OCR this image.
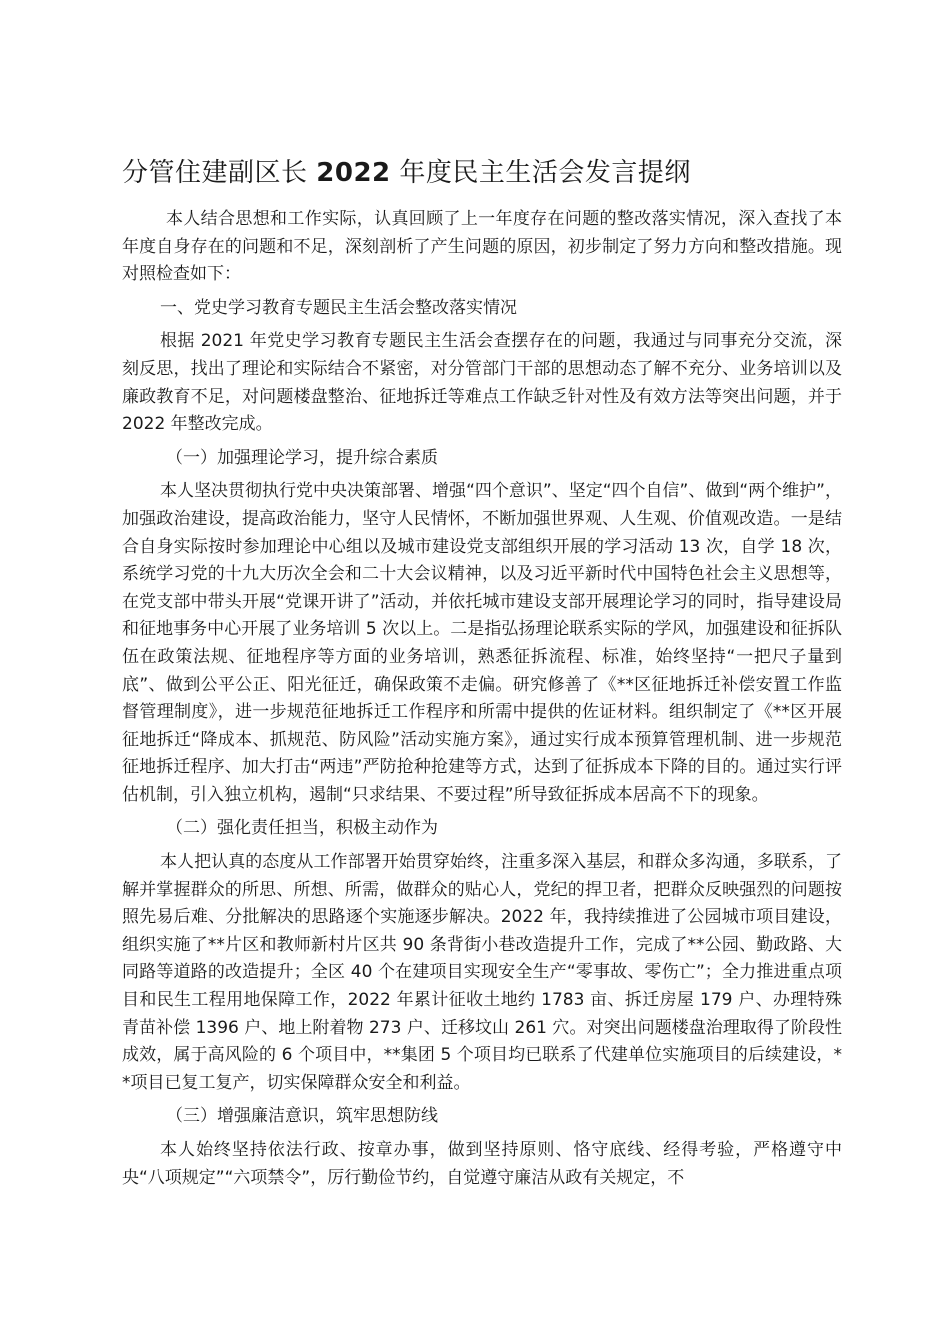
分管住建副区长 2022 年度民主生活会发言提纲

本人结合思想和工作实际，认真回顾了上一年度存在问题的整改落实情况，深入查找了本年度自身存在的问题和不足，深刻剖析了产生问题的原因，初步制定了努力方向和整改措施。现对照检查如下：

一、党史学习教育专题民主生活会整改落实情况

根据 2021 年党史学习教育专题民主生活会查摆存在的问题，我通过与同事充分交流，深刻反思，找出了理论和实际结合不紧密，对分管部门干部的思想动态了解不充分、业务培训以及廉政教育不足，对问题楼盘整治、征地拆迁等难点工作缺乏针对性及有效方法等突出问题，并于 2022 年整改完成。

（一）加强理论学习，提升综合素质

本人坚决贯彻执行党中央决策部署、增强“四个意识”、坚定“四个自信”、做到“两个维护”，加强政治建设，提高政治能力，坚守人民情怀，不断加强世界观、人生观、价值观改造。一是结合自身实际按时参加理论中心组以及城市建设党支部组织开展的学习活动 13 次，自学 18 次，系统学习党的十九大历次全会和二十大会议精神，以及习近平新时代中国特色社会主义思想等，在党支部中带头开展“党课开讲了”活动，并依托城市建设支部开展理论学习的同时，指导建设局和征地事务中心开展了业务培训 5 次以上。二是指弘扬理论联系实际的学风，加强建设和征拆队伍在政策法规、征地程序等方面的业务培训，熟悉征拆流程、标准，始终坚持“一把尺子量到底”、做到公平公正、阳光征迁，确保政策不走偏。研究修善了《**区征地拆迁补偿安置工作监督管理制度》，进一步规范征地拆迁工作程序和所需中提供的佐证材料。组织制定了《**区开展征地拆迁“降成本、抓规范、防风险”活动实施方案》，通过实行成本预算管理机制、进一步规范征地拆迁程序、加大打击“两违”严防抢种抢建等方式，达到了征拆成本下降的目的。通过实行评估机制，引入独立机构，遏制“只求结果、不要过程”所导致征拆成本居高不下的现象。

（二）强化责任担当，积极主动作为

本人把认真的态度从工作部署开始贯穿始终，注重多深入基层，和群众多沟通，多联系，了解并掌握群众的所思、所想、所需，做群众的贴心人，党纪的捍卫者，把群众反映强烈的问题按照先易后难、分批解决的思路逐个实施逐步解决。2022 年，我持续推进了公园城市项目建设，组织实施了**片区和教师新村片区共 90 条背街小巷改造提升工作，完成了**公园、勤政路、大同路等道路的改造提升；全区 40 个在建项目实现安全生产“零事故、零伤亡”；全力推进重点项目和民生工程用地保障工作，2022 年累计征收土地约 1783 亩、拆迁房屋 179 户、办理特殊青苗补偿 1396 户、地上附着物 273 户、迁移坟山 261 穴。对突出问题楼盘治理取得了阶段性成效，属于高风险的 6 个项目中，**集团 5 个项目均已联系了代建单位实施项目的后续建设，**项目已复工复产，切实保障群众安全和利益。

（三）增强廉洁意识，筑牢思想防线

本人始终坚持依法行政、按章办事，做到坚持原则、恪守底线、经得考验，严格遵守中央“八项规定”“六项禁令”，厉行勤俭节约，自觉遵守廉洁从政有关规定，不
